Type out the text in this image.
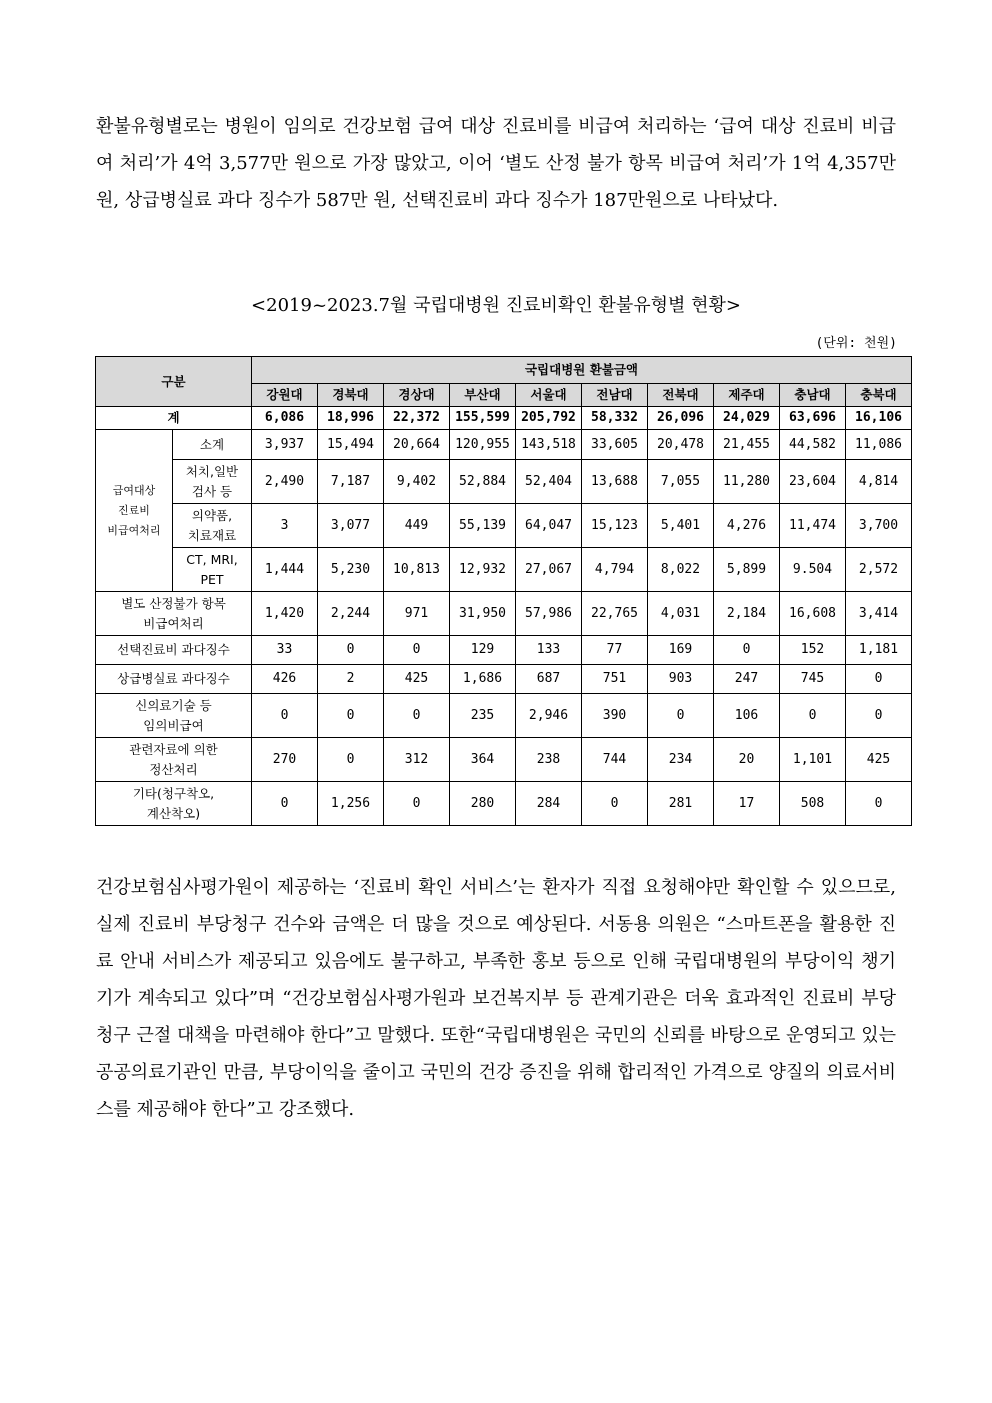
환불유형별로는 병원이 임의로 건강보험 급여 대상 진료비를 비급여 처리하는 ‘급여 대상 진료비 비급여 처리’가 4억 3,577만 원으로 가장 많았고, 이어 ‘별도 산정 불가 항목 비급여 처리’가 1억 4,357만 원, 상급병실료 과다 징수가 587만 원, 선택진료비 과다 징수가 187만원으로 나타났다.

<2019~2023.7월 국립대병원 진료비확인 환불유형별 현황>
(단위: 천원)
구분		국립대병원 환불금액									
		강원대	경북대	경상대	부산대	서울대	전남대	전북대	제주대	충남대	충북대
계		6,086	18,996	22,372	155,599	205,792	58,332	26,096	24,029	63,696	16,106

급여대상
진료비
비급여처리	소계	3,937	15,494	20,664	120,955	143,518	33,605	20,478	21,455	44,582	11,086

	처치,일반
검사 등	2,490	7,187	9,402	52,884	52,404	13,688	7,055	11,280	23,604	4,814

	의약품,
치료재료	3	3,077	449	55,139	64,047	15,123	5,401	4,276	11,474	3,700

	CT, MRI,
PET	1,444	5,230	10,813	12,932	27,067	4,794	8,022	5,899	9.504	2,572

별도 산정불가 항목
비급여처리		1,420	2,244	971	31,950	57,986	22,765	4,031	2,184	16,608	3,414

선택진료비 과다징수		33	0	0	129	133	77	169	0	152	1,181

상급병실료 과다징수		426	2	425	1,686	687	751	903	247	745	0

신의료기술 등
임의비급여		0	0	0	235	2,946	390	0	106	0	0

관련자료에 의한
정산처리		270	0	312	364	238	744	234	20	1,101	425

기타(청구착오,
계산착오)		0	1,256	0	280	284	0	281	17	508	0

건강보험심사평가원이 제공하는 ‘진료비 확인 서비스’는 환자가 직접 요청해야만 확인할 수 있으므로, 실제 진료비 부당청구 건수와 금액은 더 많을 것으로 예상된다. 서동용 의원은 “스마트폰을 활용한 진료 안내 서비스가 제공되고 있음에도 불구하고, 부족한 홍보 등으로 인해 국립대병원의 부당이익 챙기기가 계속되고 있다”며 “건강보험심사평가원과 보건복지부 등 관계기관은 더욱 효과적인 진료비 부당청구 근절 대책을 마련해야 한다”고 말했다. 또한“국립대병원은 국민의 신뢰를 바탕으로 운영되고 있는 공공의료기관인 만큼, 부당이익을 줄이고 국민의 건강 증진을 위해 합리적인 가격으로 양질의 의료서비스를 제공해야 한다”고 강조했다.
